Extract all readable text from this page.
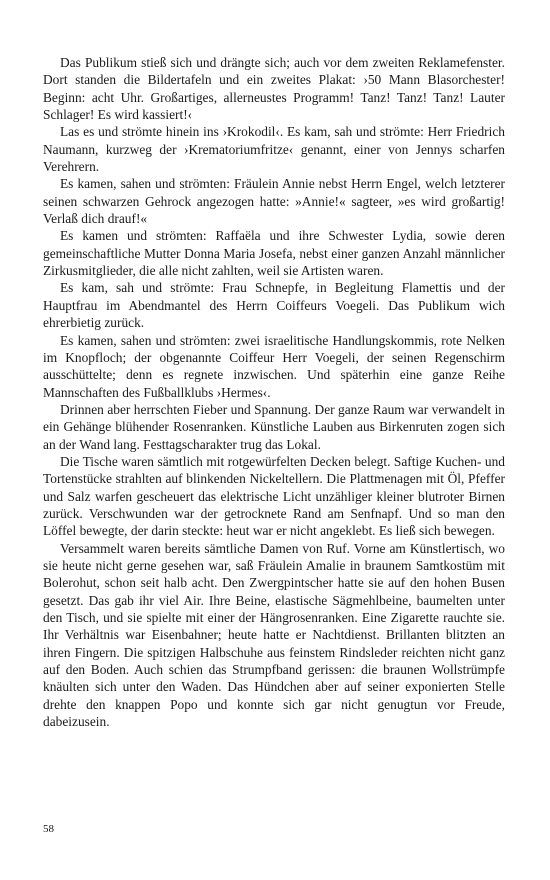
Das Publikum stieß sich und drängte sich; auch vor dem zweiten Reklamefenster. Dort standen die Bildertafeln und ein zweites Plakat: ›50 Mann Blasorchester! Beginn: acht Uhr. Großartiges, allerneustes Programm! Tanz! Tanz! Tanz! Lauter Schlager! Es wird kassiert!‹

Las es und strömte hinein ins ›Krokodil‹. Es kam, sah und strömte: Herr Friedrich Naumann, kurzweg der ›Krematoriumfritze‹ genannt, einer von Jennys scharfen Verehrern.

Es kamen, sahen und strömten: Fräulein Annie nebst Herrn Engel, welch letzterer seinen schwarzen Gehrock angezogen hatte: »Annie!« sagteer, »es wird großartig! Verlaß dich drauf!«

Es kamen und strömten: Raffaëla und ihre Schwester Lydia, sowie deren gemeinschaftliche Mutter Donna Maria Josefa, nebst einer ganzen Anzahl männlicher Zirkusmitglieder, die alle nicht zahlten, weil sie Artisten waren.

Es kam, sah und strömte: Frau Schnepfe, in Begleitung Flamettis und der Hauptfrau im Abendmantel des Herrn Coiffeurs Voegeli. Das Publikum wich ehrerbietig zurück.

Es kamen, sahen und strömten: zwei israelitische Handlungskommis, rote Nelken im Knopfloch; der obgenannte Coiffeur Herr Voegeli, der seinen Regenschirm ausschüttelte; denn es regnete inzwischen. Und späterhin eine ganze Reihe Mannschaften des Fußballklubs ›Hermes‹.

Drinnen aber herrschten Fieber und Spannung. Der ganze Raum war verwandelt in ein Gehänge blühender Rosenranken. Künstliche Lauben aus Birkenruten zogen sich an der Wand lang. Festtagscharakter trug das Lokal.

Die Tische waren sämtlich mit rotgewürfelten Decken belegt. Saftige Kuchen- und Tortenstücke strahlten auf blinkenden Nickeltellern. Die Plattmenagen mit Öl, Pfeffer und Salz warfen gescheuert das elektrische Licht unzähliger kleiner blutroter Birnen zurück. Verschwunden war der getrocknete Rand am Senfnapf. Und so man den Löffel bewegte, der darin steckte: heut war er nicht angeklebt. Es ließ sich bewegen.

Versammelt waren bereits sämtliche Damen von Ruf. Vorne am Künstlertisch, wo sie heute nicht gerne gesehen war, saß Fräulein Amalie in braunem Samtkostüm mit Bolerohut, schon seit halb acht. Den Zwergpintscher hatte sie auf den hohen Busen gesetzt. Das gab ihr viel Air. Ihre Beine, elastische Sägmehlbeine, baumelten unter den Tisch, und sie spielte mit einer der Hängrosenranken. Eine Zigarette rauchte sie. Ihr Verhältnis war Eisenbahner; heute hatte er Nachtdienst. Brillanten blitzten an ihren Fingern. Die spitzigen Halbschuhe aus feinstem Rindsleder reichten nicht ganz auf den Boden. Auch schien das Strumpfband gerissen: die braunen Wollstrümpfe knäulten sich unter den Waden. Das Hündchen aber auf seiner exponierten Stelle drehte den knappen Popo und konnte sich gar nicht genugtun vor Freude, dabeizusein.

58
